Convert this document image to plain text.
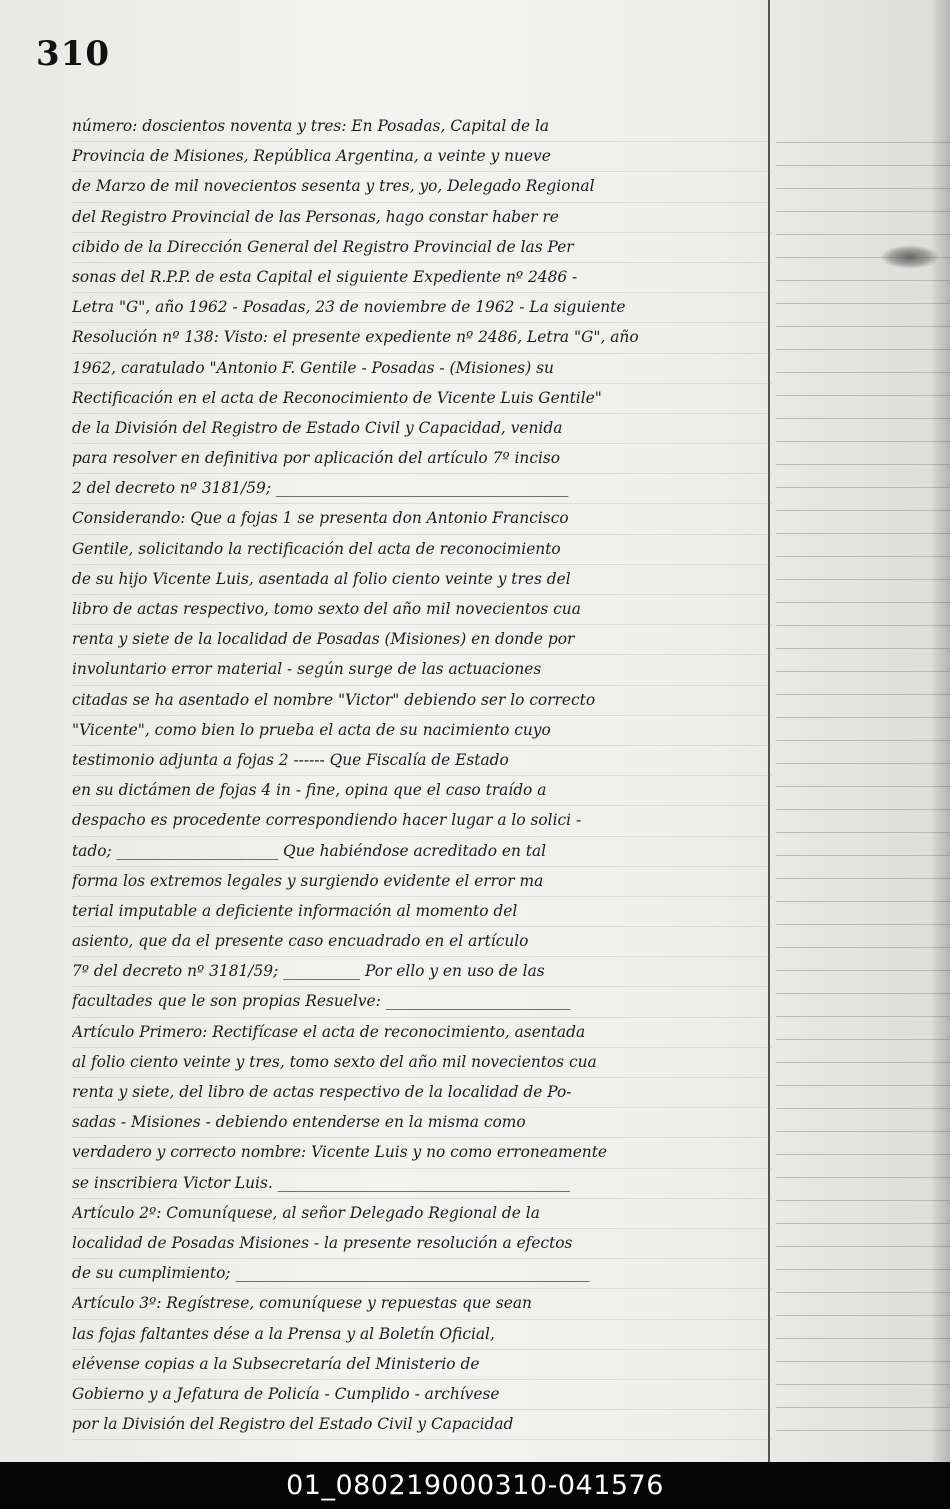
310
número: doscientos noventa y tres: En Posadas, Capital de la
Provincia de Misiones, República Argentina, a veinte y nueve
de Marzo de mil novecientos sesenta y tres, yo, Delegado Regional
del Registro Provincial de las Personas, hago constar haber re
cibido de la Dirección General del Registro Provincial de las Per
sonas del R.P.P. de esta Capital el siguiente Expediente nº 2486 -
Letra "G", año 1962 - Posadas, 23 de noviembre de 1962 - La siguiente
Resolución nº 138: Visto: el presente expediente nº 2486, Letra "G", año
1962, caratulado "Antonio F. Gentile - Posadas - (Misiones) su
Rectificación en el acta de Reconocimiento de Vicente Luis Gentile"
de la División del Registro de Estado Civil y Capacidad, venida
para resolver en definitiva por aplicación del artículo 7º inciso
2 del decreto nº 3181/59; ______________________________________
Considerando: Que a fojas 1 se presenta don Antonio Francisco
Gentile, solicitando la rectificación del acta de reconocimiento
de su hijo Vicente Luis, asentada al folio ciento veinte y tres del
libro de actas respectivo, tomo sexto del año mil novecientos cua
renta y siete de la localidad de Posadas (Misiones) en donde por
involuntario error material - según surge de las actuaciones
citadas se ha asentado el nombre "Victor" debiendo ser lo correcto
"Vicente", como bien lo prueba el acta de su nacimiento cuyo
testimonio adjunta a fojas 2 ------ Que Fiscalía de Estado
en su dictámen de fojas 4 in - fine, opina que el caso traído a
despacho es procedente correspondiendo hacer lugar a lo solici -
tado; _____________________ Que habiéndose acreditado en tal
forma los extremos legales y surgiendo evidente el error ma
terial imputable a deficiente información al momento del
asiento, que da el presente caso encuadrado en el artículo
7º del decreto nº 3181/59; __________ Por ello y en uso de las
facultades que le son propias Resuelve: ________________________
Artículo Primero: Rectifícase el acta de reconocimiento, asentada
al folio ciento veinte y tres, tomo sexto del año mil novecientos cua
renta y siete, del libro de actas respectivo de la localidad de Po-
sadas - Misiones - debiendo entenderse en la misma como
verdadero y correcto nombre: Vicente Luis y no como erroneamente
se inscribiera Victor Luis. ______________________________________
Artículo 2º: Comuníquese, al señor Delegado Regional de la
localidad de Posadas Misiones - la presente resolución a efectos
de su cumplimiento; ______________________________________________
Artículo 3º: Regístrese, comuníquese y repuestas que sean
las fojas faltantes dése a la Prensa y al Boletín Oficial,
elévense copias a la Subsecretaría del Ministerio de
Gobierno y a Jefatura de Policía - Cumplido - archívese
por la División del Registro del Estado Civil y Capacidad
01_080219000310-041576
